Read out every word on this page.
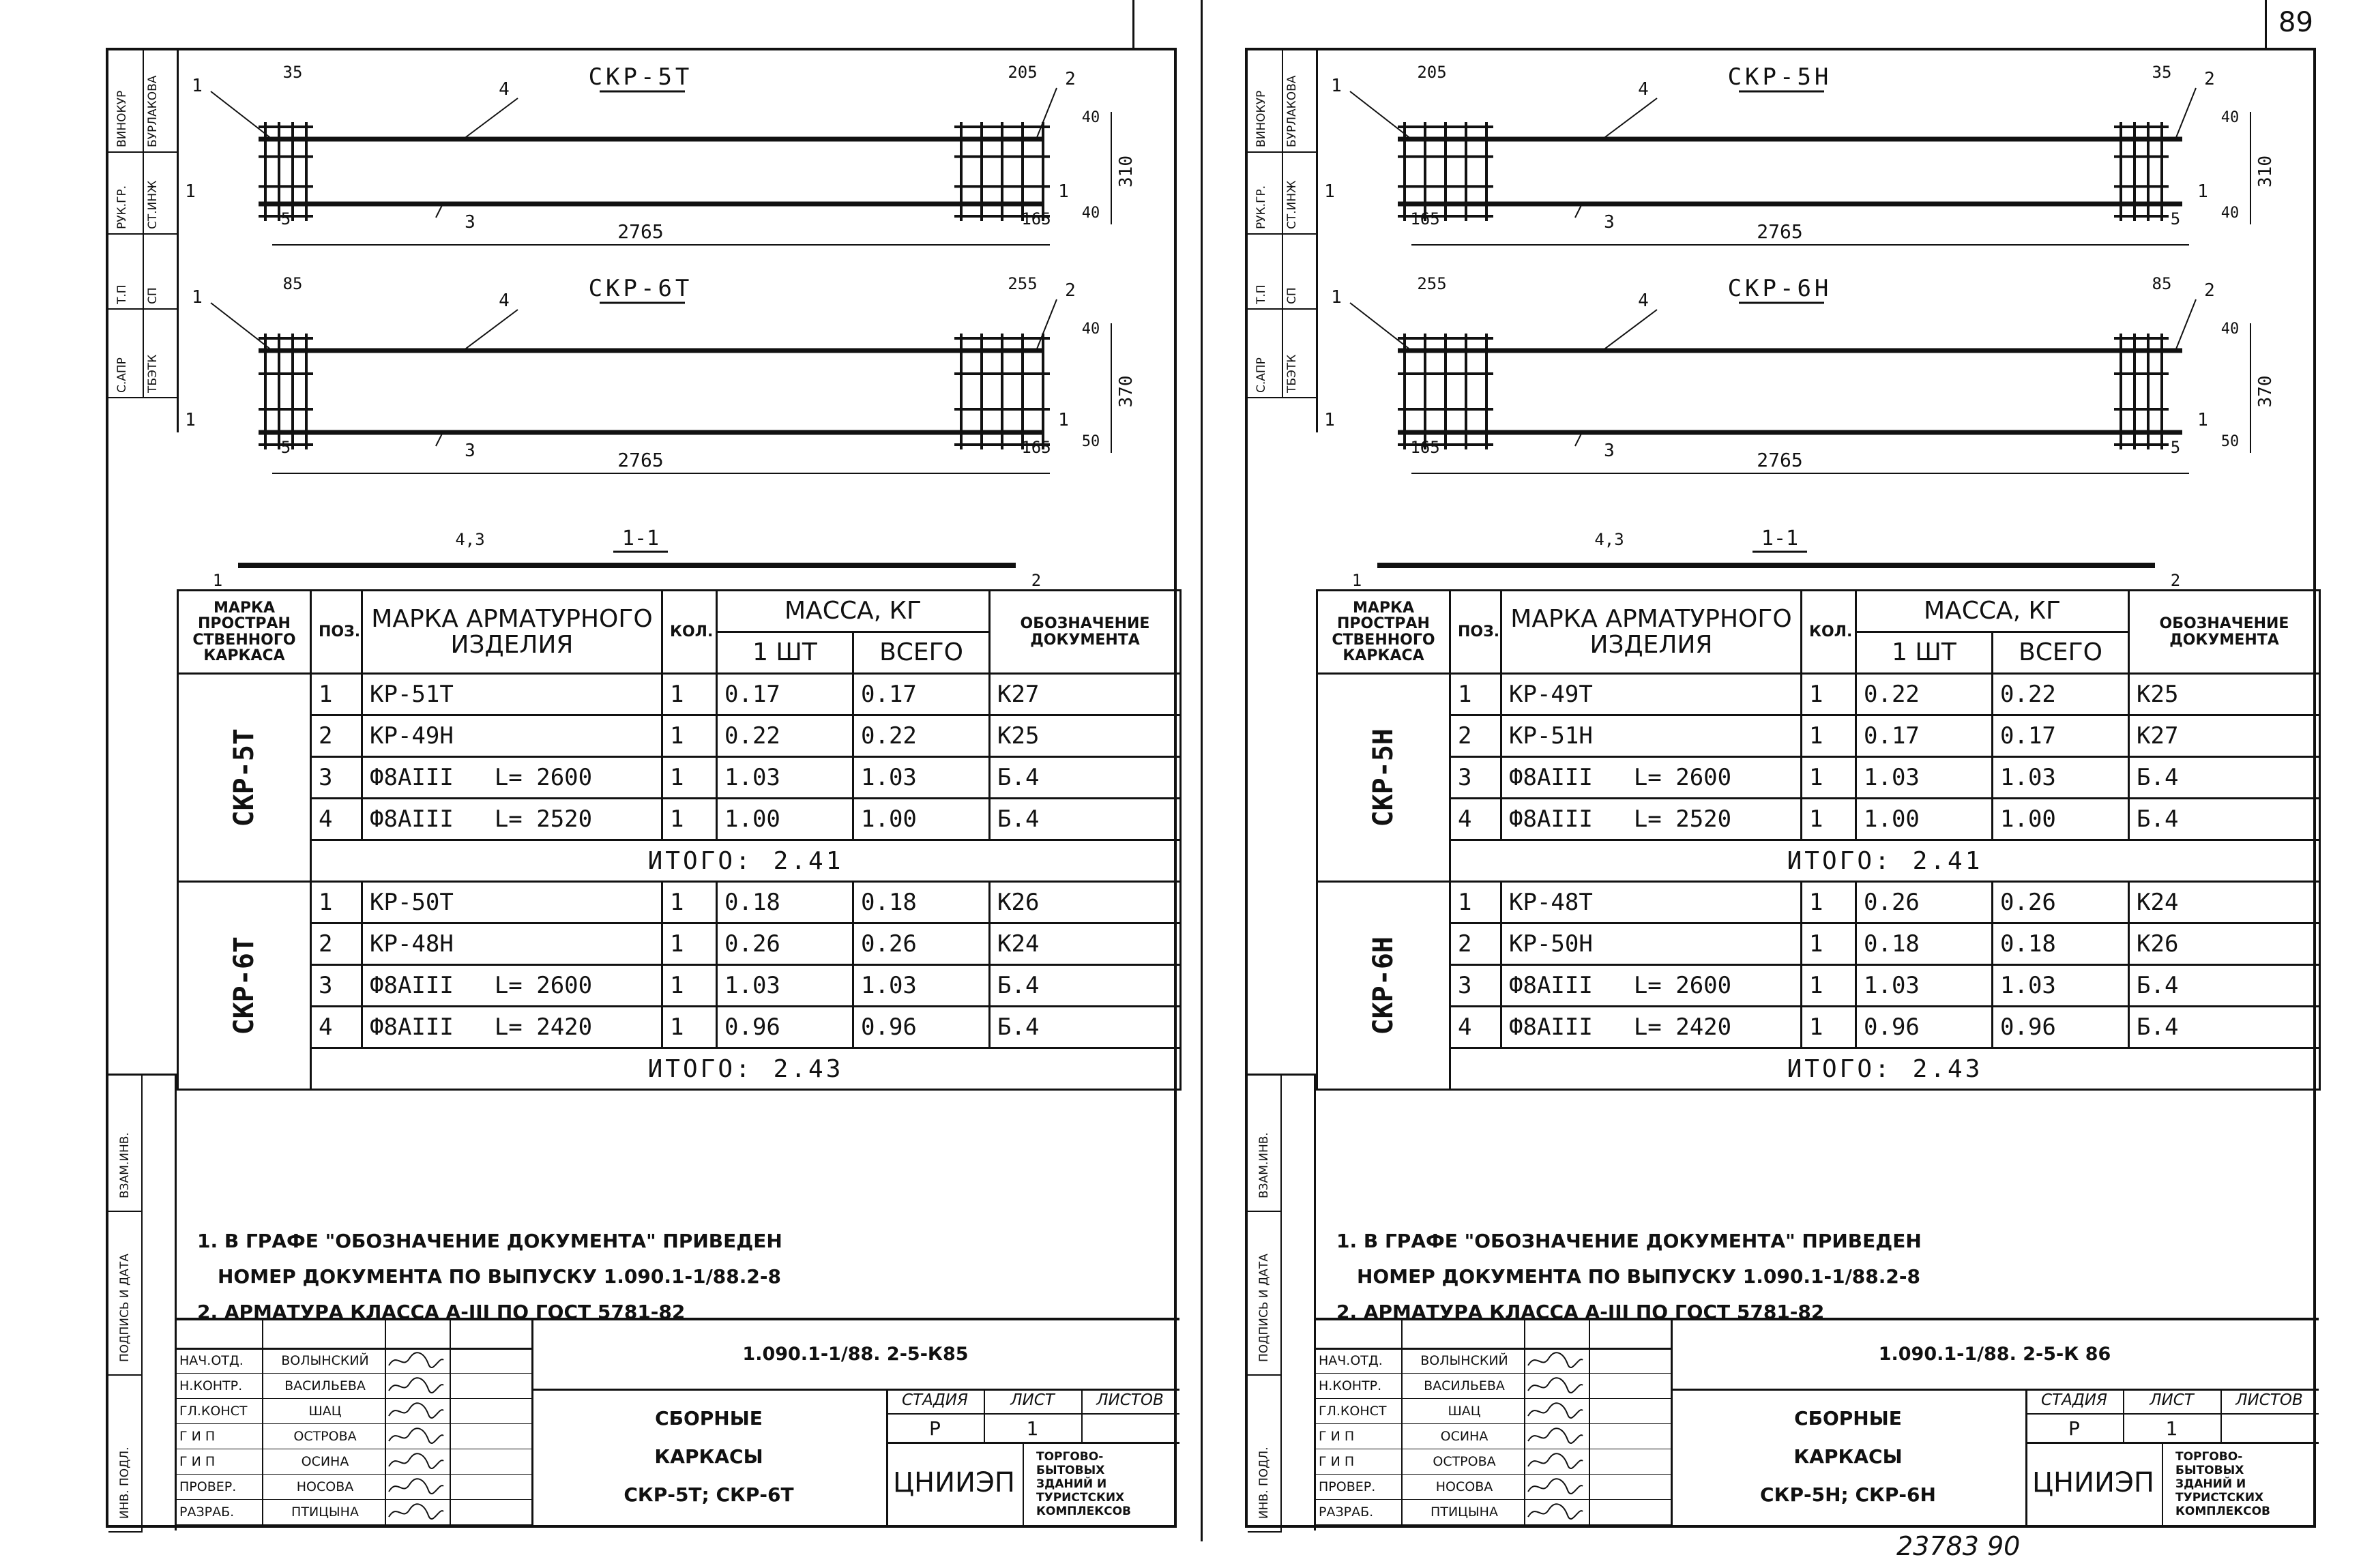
89
23783 90
ВИНОКУР БУРЛАКОВА
Т.П СП
РУК.ГР. СТ.ИНЖ
С.АПР ТБЭТК
СКР-5Т
2765
35	205
5	165
310
40
40
1	2
3
4
1	1
СКР-6Т
2765
85	255
5	165
370
40
50
1	2
3
4
1	1
1-1
4,3
1	2
ВЗАМ.ИНВ.
ПОДПИСЬ И ДАТА
ИНВ. ПОДЛ.
МАРКА ПРОСТРАН СТВЕННОГО КАРКАСА	ПОЗ.	МАРКА АРМАТУРНОГО ИЗДЕЛИЯ	КОЛ.	МАССА, КГ		ОБОЗНАЧЕНИЕ ДОКУМЕНТА
				1 ШТ	ВСЕГО	

СКР-5Т	1	КР-51Т	1	0.17	0.17	К27
	2	КР-49Н	1	0.22	0.22	К25
	3	Ф8АIII L= 2600	1	1.03	1.03	Б.4
	4	Ф8АIII L= 2520	1	1.00	1.00	Б.4
	ИТОГО: 2.41					

СКР-6Т	1	КР-50Т	1	0.18	0.18	К26
	2	КР-48Н	1	0.26	0.26	К24
	3	Ф8АIII L= 2600	1	1.03	1.03	Б.4
	4	Ф8АIII L= 2420	1	0.96	0.96	Б.4
	ИТОГО: 2.43					

1. В ГРАФЕ "ОБОЗНАЧЕНИЕ ДОКУМЕНТА" ПРИВЕДЕН

НОМЕР ДОКУМЕНТА ПО ВЫПУСКУ 1.090.1-1/88.2-8

2. АРМАТУРА КЛАССА А-III ПО ГОСТ 5781-82

НАЧ.ОТД.	ВОЛЫНСКИЙ
Н.КОНТР.	ВАСИЛЬЕВА
ГЛ.КОНСТ	ШАЦ
Г И П	ОСТРОВА
Г И П	ОСИНА
ПРОВЕР.	НОСОВА
РАЗРАБ.	ПТИЦЫНА
1.090.1-1/88. 2-5-К85
СБОРНЫЕ
КАРКАСЫ
СКР-5Т; СКР-6Т
СТАДИЯ	ЛИСТ	ЛИСТОВ
Р	1
ЦНИИЭП
ТОРГОВО-
БЫТОВЫХ
ЗДАНИЙ И
ТУРИСТСКИХ
КОМПЛЕКСОВ
ВИНОКУР БУРЛАКОВА
Т.П СП
РУК.ГР. СТ.ИНЖ
С.АПР ТБЭТК
СКР-5Н
2765
205	35
165	5
310
40
40
1	2
3
4
1	1
СКР-6Н
2765
255	85
165	5
370
40
50
1	2
3
4
1	1
1-1
4,3
1	2
ВЗАМ.ИНВ.
ПОДПИСЬ И ДАТА
ИНВ. ПОДЛ.
МАРКА ПРОСТРАН СТВЕННОГО КАРКАСА	ПОЗ.	МАРКА АРМАТУРНОГО ИЗДЕЛИЯ	КОЛ.	МАССА, КГ		ОБОЗНАЧЕНИЕ ДОКУМЕНТА
				1 ШТ	ВСЕГО	

СКР-5Н	1	КР-49Т	1	0.22	0.22	К25
	2	КР-51Н	1	0.17	0.17	К27
	3	Ф8АIII L= 2600	1	1.03	1.03	Б.4
	4	Ф8АIII L= 2520	1	1.00	1.00	Б.4
	ИТОГО: 2.41					

СКР-6Н	1	КР-48Т	1	0.26	0.26	К24
	2	КР-50Н	1	0.18	0.18	К26
	3	Ф8АIII L= 2600	1	1.03	1.03	Б.4
	4	Ф8АIII L= 2420	1	0.96	0.96	Б.4
	ИТОГО: 2.43					

1. В ГРАФЕ "ОБОЗНАЧЕНИЕ ДОКУМЕНТА" ПРИВЕДЕН

НОМЕР ДОКУМЕНТА ПО ВЫПУСКУ 1.090.1-1/88.2-8

2. АРМАТУРА КЛАССА А-III ПО ГОСТ 5781-82

НАЧ.ОТД.	ВОЛЫНСКИЙ
Н.КОНТР.	ВАСИЛЬЕВА
ГЛ.КОНСТ	ШАЦ
Г И П	ОСИНА
Г И П	ОСТРОВА
ПРОВЕР.	НОСОВА
РАЗРАБ.	ПТИЦЫНА
1.090.1-1/88. 2-5-К 86
СБОРНЫЕ
КАРКАСЫ
СКР-5Н; СКР-6Н
СТАДИЯ	ЛИСТ	ЛИСТОВ
Р	1
ЦНИИЭП
ТОРГОВО-
БЫТОВЫХ
ЗДАНИЙ И
ТУРИСТСКИХ
КОМПЛЕКСОВ
